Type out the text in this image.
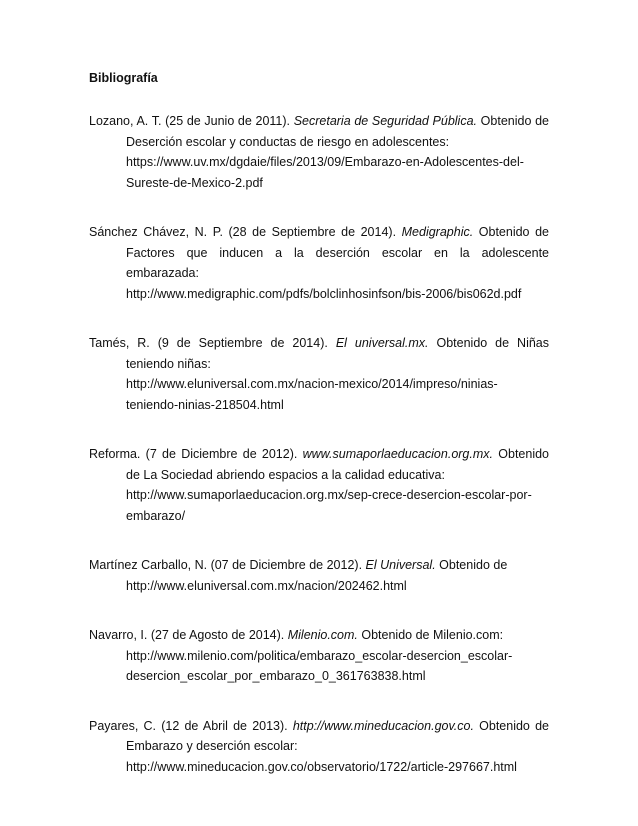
Bibliografía
Lozano, A. T. (25 de Junio de 2011). Secretaria de Seguridad Pública. Obtenido de Deserción escolar y conductas de riesgo en adolescentes:
https://www.uv.mx/dgdaie/files/2013/09/Embarazo-en-Adolescentes-del-Sureste-de-Mexico-2.pdf
Sánchez Chávez, N. P. (28 de Septiembre de 2014). Medigraphic. Obtenido de Factores que inducen a la deserción escolar en la adolescente embarazada:
http://www.medigraphic.com/pdfs/bolclinhosinfson/bis-2006/bis062d.pdf
Tamés, R. (9 de Septiembre de 2014). El universal.mx. Obtenido de Niñas teniendo niñas:
http://www.eluniversal.com.mx/nacion-mexico/2014/impreso/ninias-teniendo-ninias-218504.html
Reforma. (7 de Diciembre de 2012). www.sumaporlaeducacion.org.mx. Obtenido de La Sociedad abriendo espacios a la calidad educativa:
http://www.sumaporlaeducacion.org.mx/sep-crece-desercion-escolar-por-embarazo/
Martínez Carballo, N. (07 de Diciembre de 2012). El Universal. Obtenido de
http://www.eluniversal.com.mx/nacion/202462.html
Navarro, I. (27 de Agosto de 2014). Milenio.com. Obtenido de Milenio.com:
http://www.milenio.com/politica/embarazo_escolar-desercion_escolar-desercion_escolar_por_embarazo_0_361763838.html
Payares, C. (12 de Abril de 2013). http://www.mineducacion.gov.co. Obtenido de Embarazo y deserción escolar:
http://www.mineducacion.gov.co/observatorio/1722/article-297667.html
